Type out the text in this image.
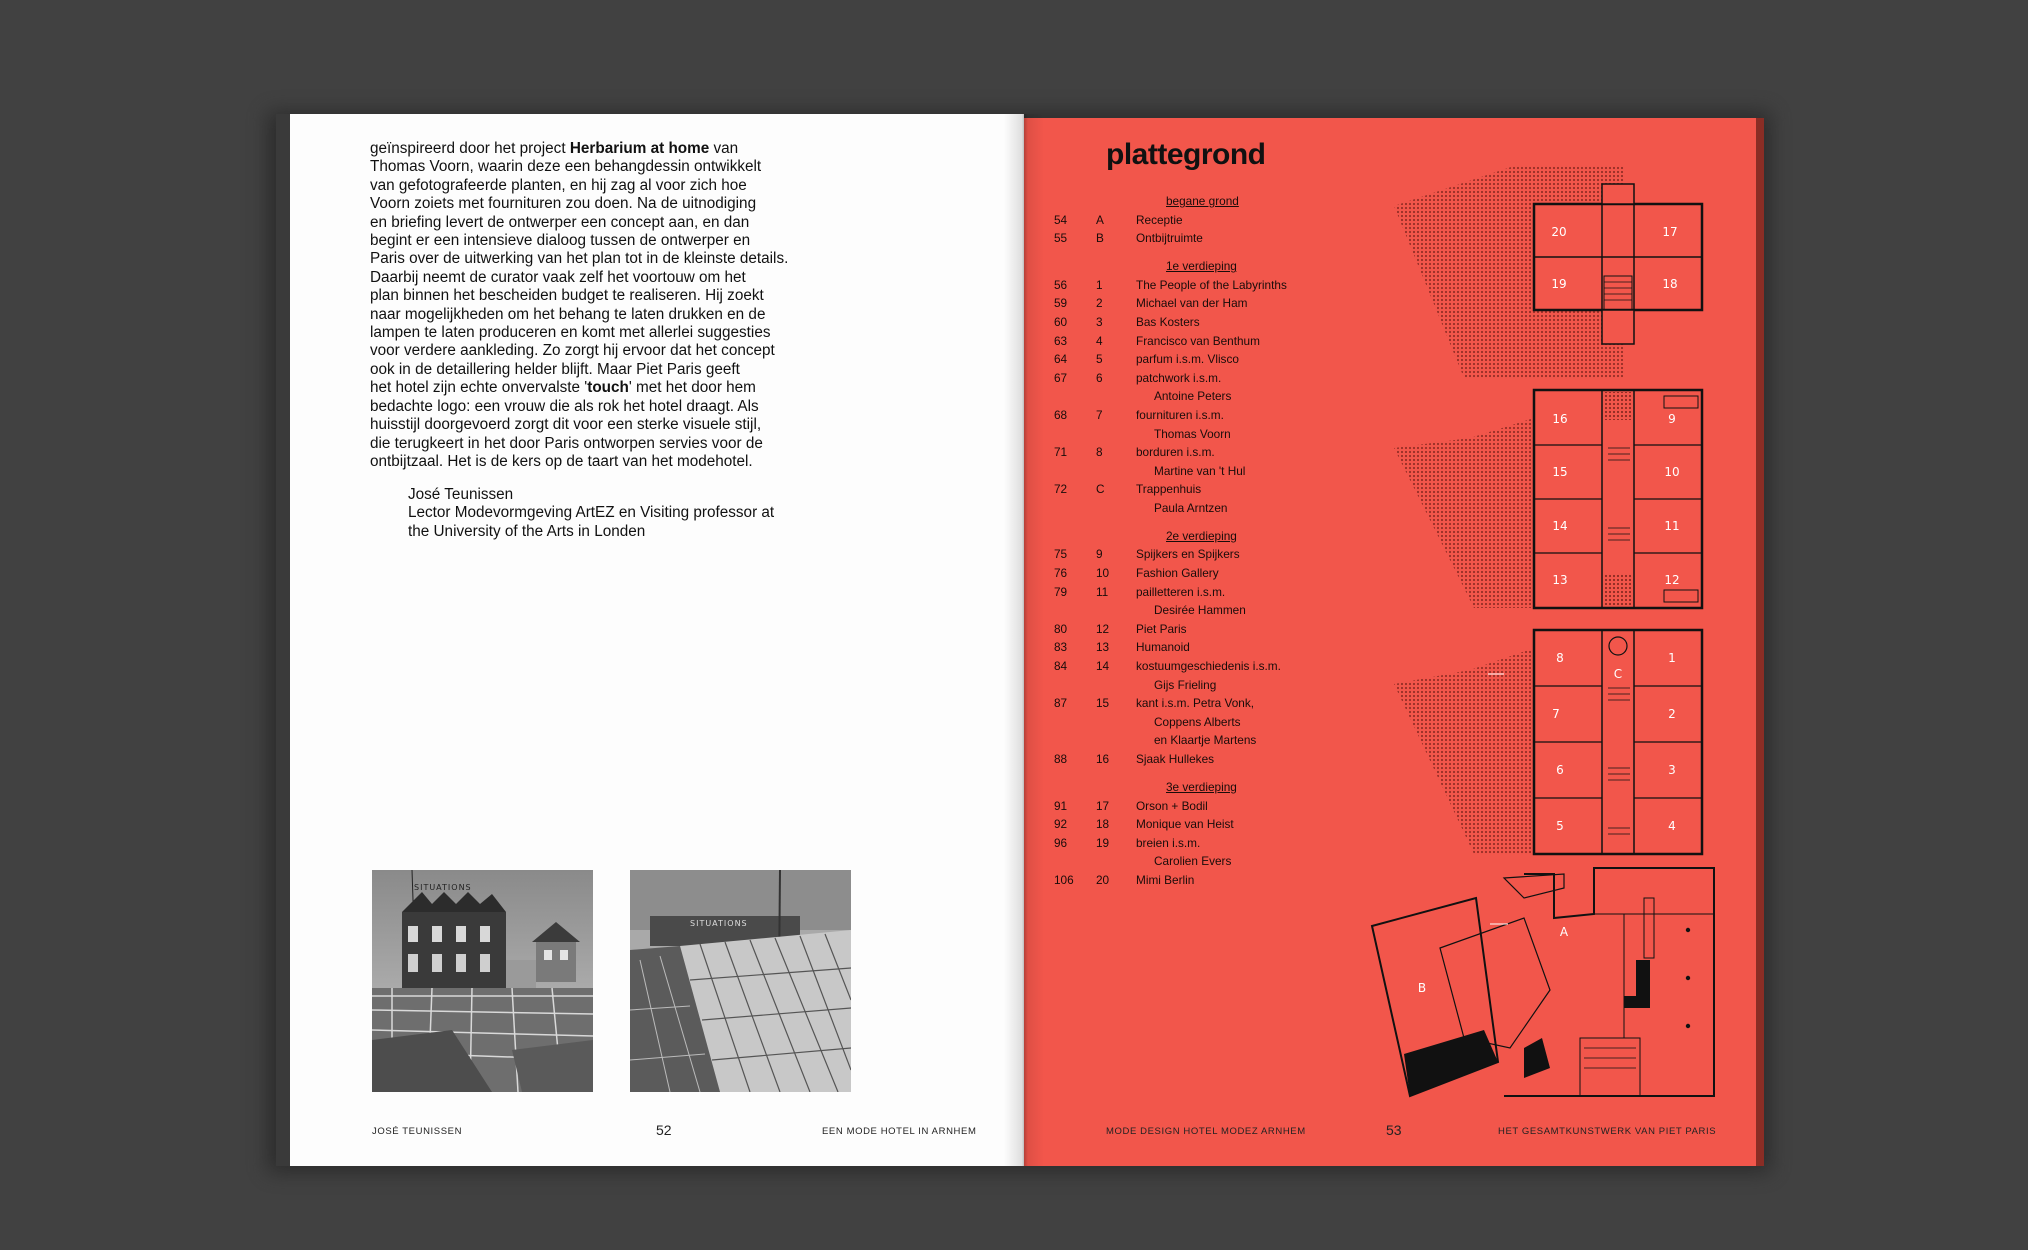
geïnspireerd door het project Herbarium at home van

Thomas Voorn, waarin deze een behangdessin ontwikkelt

van gefotografeerde planten, en hij zag al voor zich hoe

Voorn zoiets met fournituren zou doen. Na de uitnodiging

en briefing levert de ontwerper een concept aan, en dan

begint er een intensieve dialoog tussen de ontwerper en

Paris over de uitwerking van het plan tot in de kleinste details.

Daarbij neemt de curator vaak zelf het voortouw om het

plan binnen het bescheiden budget te realiseren. Hij zoekt

naar mogelijkheden om het behang te laten drukken en de

lampen te laten produceren en komt met allerlei suggesties

voor verdere aankleding. Zo zorgt hij ervoor dat het concept

ook in de detaillering helder blijft. Maar Piet Paris geeft

het hotel zijn echte onvervalste 'touch' met het door hem

bedachte logo: een vrouw die als rok het hotel draagt. Als

huisstijl doorgevoerd zorgt dit voor een sterke visuele stijl,

die terugkeert in het door Paris ontworpen servies voor de

ontbijtzaal. Het is de kers op de taart van het modehotel.

José Teunissen

Lector Modevormgeving ArtEZ en Visiting professor at

the University of the Arts in Londen

SITUATIONS
SITUATIONS
JOSÉ TEUNISSEN	52	EEN MODE HOTEL IN ARNHEM
plattegrond
begane grond
54	A	Receptie
55	B	Ontbijtruimte
1e verdieping
56	1	The People of the Labyrinths
59	2	Michael van der Ham
60	3	Bas Kosters
63	4	Francisco van Benthum
64	5	parfum i.s.m. Vlisco
67	6	patchwork i.s.m.
Antoine Peters
68	7	fournituren i.s.m.
Thomas Voorn
71	8	borduren i.s.m.
Martine van 't Hul
72	C	Trappenhuis
Paula Arntzen
2e verdieping
75	9	Spijkers en Spijkers
76	10 Fashion Gallery
79	11	pailletteren i.s.m.
Desirée Hammen
80	12 Piet Paris
83	13 Humanoid
84	14 kostuumgeschiedenis i.s.m.
Gijs Frieling
87	15 kant i.s.m. Petra Vonk,
Coppens Alberts
en Klaartje Martens
88	16 Sjaak Hullekes
3e verdieping
91	17 Orson + Bodil
92	18 Monique van Heist
96	19 breien i.s.m.
Carolien Evers
106	20 Mimi Berlin
20	17
19	18
16	9
15	10
14	11
13	12
8
C
1
7	2
6	3
5	4
A
B
MODE DESIGN HOTEL MODEZ ARNHEM	53	HET GESAMTKUNSTWERK VAN PIET PARIS
